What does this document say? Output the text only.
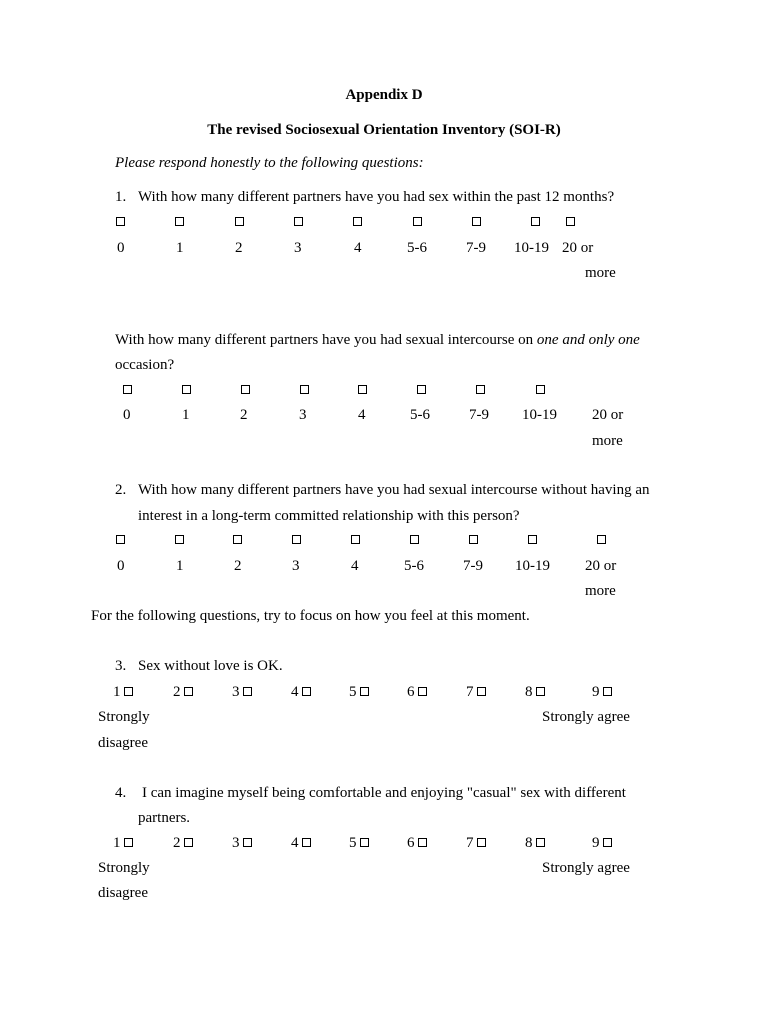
Appendix D
The revised Sociosexual Orientation Inventory (SOI-R)
Please respond honestly to the following questions:
1. With how many different partners have you had sex within the past 12 months?
0	1	2	3	4	5-6	7-9 10-19 20 or
more
With how many different partners have you had sexual intercourse on one and only one
occasion?
0	1	2	3	4	5-6	7-9 10-19 20 or
more
2. With how many different partners have you had sexual intercourse without having an
interest in a long-term committed relationship with this person?
0	1	2	3	4	5-6	7-9 10-19 20 or
more
For the following questions, try to focus on how you feel at this moment.
3. Sex without love is OK.
1	2	3	4	5	6	7	8	9
Strongly
disagree
Strongly agree
4. I can imagine myself being comfortable and enjoying "casual" sex with different
partners.
1	2	3	4	5	6	7	8	9
Strongly
disagree
Strongly agree
